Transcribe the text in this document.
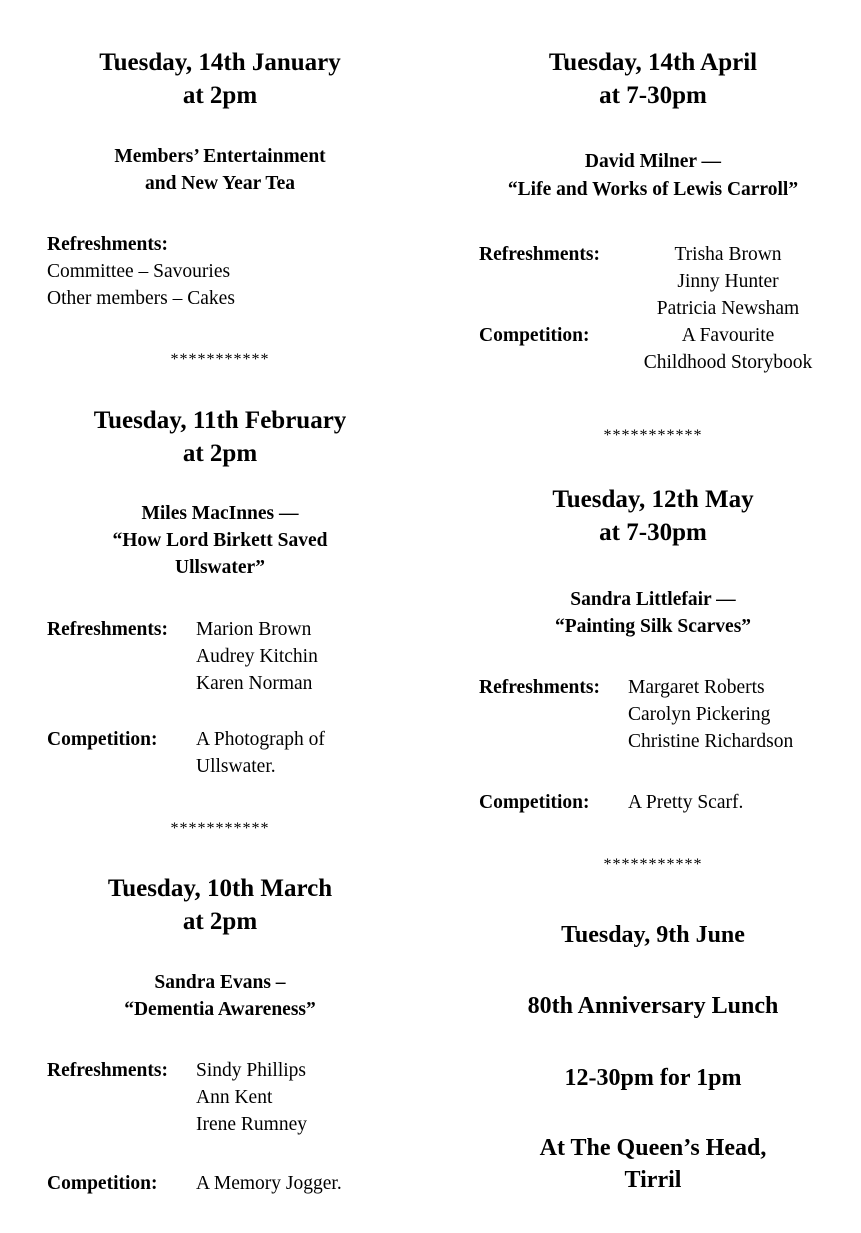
Tuesday, 14th January
at 2pm
Members’ Entertainment
and New Year Tea
Refreshments:
Committee – Savouries
Other members – Cakes
***********
Tuesday, 11th February
at 2pm
Miles MacInnes —
“How Lord Birkett Saved
Ullswater”
Refreshments: Marion Brown
Audrey Kitchin
Karen Norman
Competition: A Photograph of
Ullswater.
***********
Tuesday, 10th March
at 2pm
Sandra Evans –
“Dementia Awareness”
Refreshments: Sindy Phillips
Ann Kent
Irene Rumney
Competition: A Memory Jogger.
Tuesday, 14th April
at 7-30pm
David Milner —
“Life and Works of Lewis Carroll”
Refreshments:	Trisha Brown
Jinny Hunter
Patricia Newsham
Competition:	A Favourite
Childhood Storybook
***********
Tuesday, 12th May
at 7-30pm
Sandra Littlefair —
“Painting Silk Scarves”
Refreshments: Margaret Roberts
Carolyn Pickering
Christine Richardson
Competition: A Pretty Scarf.
***********
Tuesday, 9th June
80th Anniversary Lunch
12-30pm for 1pm
At The Queen’s Head,
Tirril
